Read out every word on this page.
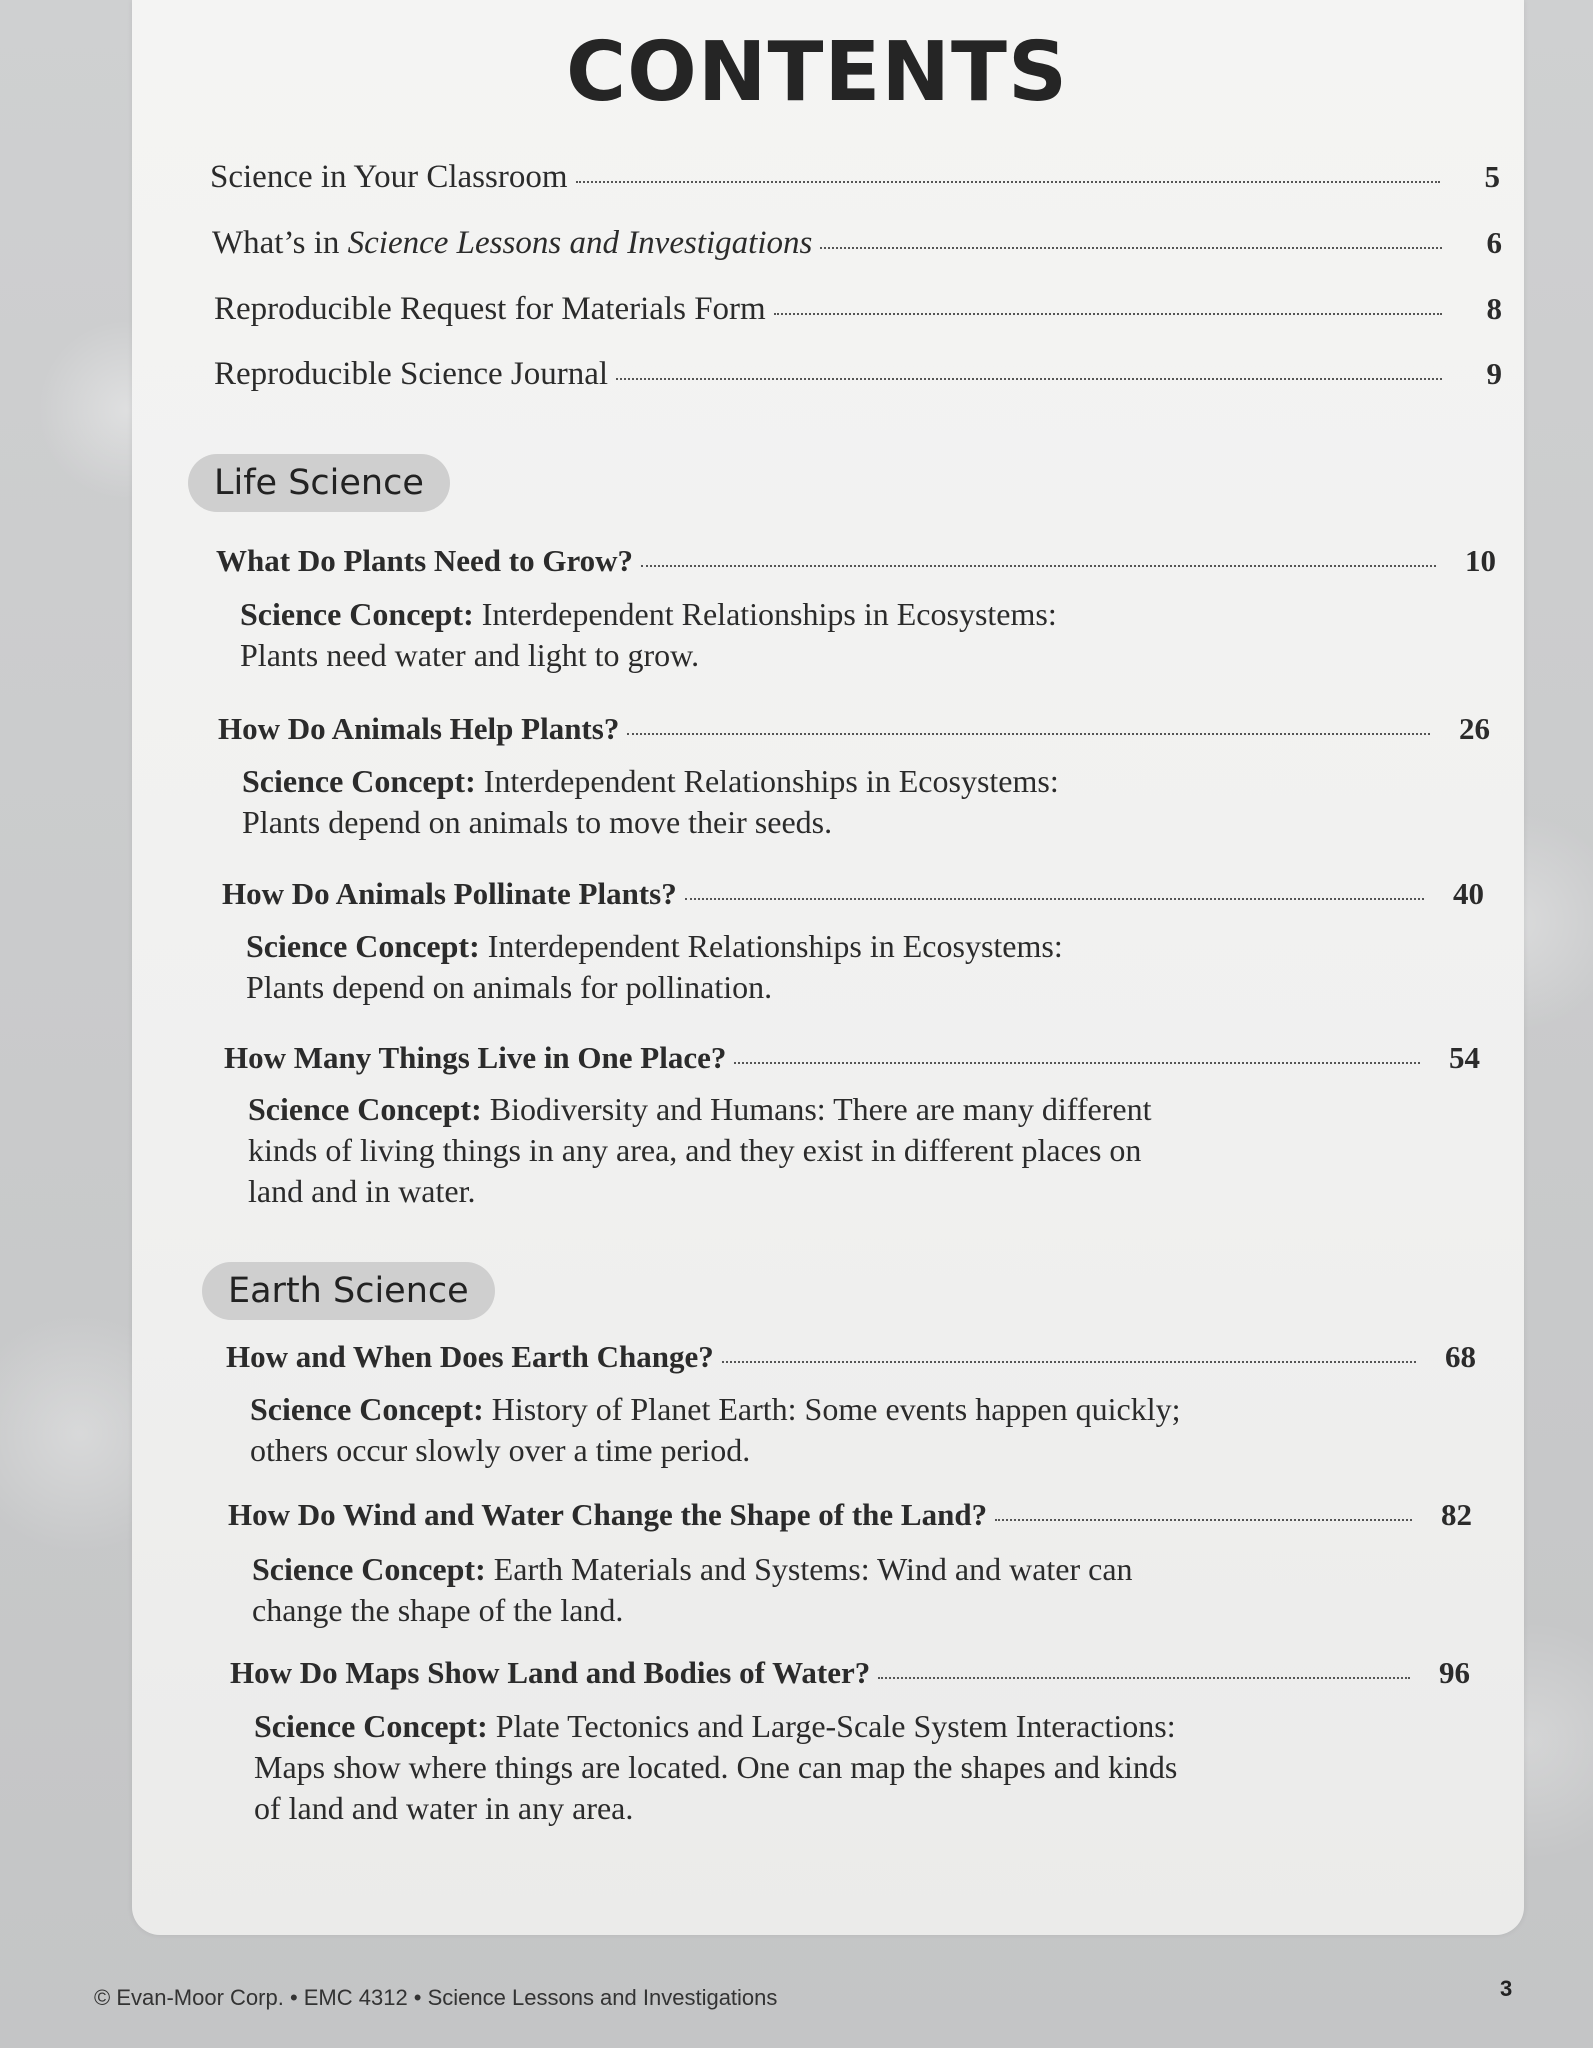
CONTENTS
Science in Your Classroom	5
What’s in Science Lessons and Investigations	6
Reproducible Request for Materials Form	8
Reproducible Science Journal	9
Life Science
What Do Plants Need to Grow?	10
Science Concept: Interdependent Relationships in Ecosystems:
Plants need water and light to grow.
How Do Animals Help Plants?	26
Science Concept: Interdependent Relationships in Ecosystems:
Plants depend on animals to move their seeds.
How Do Animals Pollinate Plants?	40
Science Concept: Interdependent Relationships in Ecosystems:
Plants depend on animals for pollination.
How Many Things Live in One Place?	54
Science Concept: Biodiversity and Humans: There are many different
kinds of living things in any area, and they exist in different places on
land and in water.
Earth Science
How and When Does Earth Change?	68
Science Concept: History of Planet Earth: Some events happen quickly;
others occur slowly over a time period.
How Do Wind and Water Change the Shape of the Land?	82
Science Concept: Earth Materials and Systems: Wind and water can
change the shape of the land.
How Do Maps Show Land and Bodies of Water?	96
Science Concept: Plate Tectonics and Large-Scale System Interactions:
Maps show where things are located. One can map the shapes and kinds
of land and water in any area.
© Evan-Moor Corp. • EMC 4312 • Science Lessons and Investigations	3
